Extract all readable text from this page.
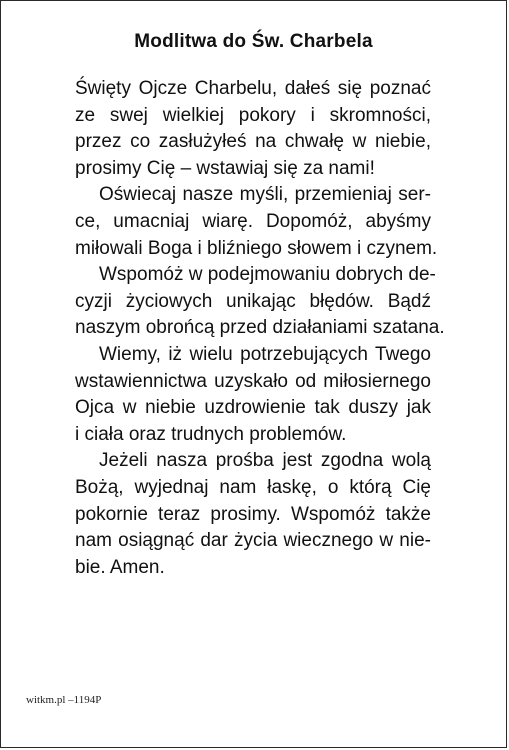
Modlitwa do Św. Charbela
Święty Ojcze Charbelu, dałeś się poznać
ze swej wielkiej pokory i skromności,
przez co zasłużyłeś na chwałę w niebie,
prosimy Cię – wstawiaj się za nami!
Oświecaj nasze myśli, przemieniaj ser-
ce, umacniaj wiarę. Dopomóż, abyśmy
miłowali Boga i bliźniego słowem i czynem.
Wspomóż w podejmowaniu dobrych de-
cyzji życiowych unikając błędów. Bądź
naszym obrońcą przed działaniami szatana.
Wiemy, iż wielu potrzebujących Twego
wstawiennictwa uzyskało od miłosiernego
Ojca w niebie uzdrowienie tak duszy jak
i ciała oraz trudnych problemów.
Jeżeli nasza prośba jest zgodna wolą
Bożą, wyjednaj nam łaskę, o którą Cię
pokornie teraz prosimy. Wspomóż także
nam osiągnąć dar życia wiecznego w nie-
bie. Amen.
witkm.pl –1194P
